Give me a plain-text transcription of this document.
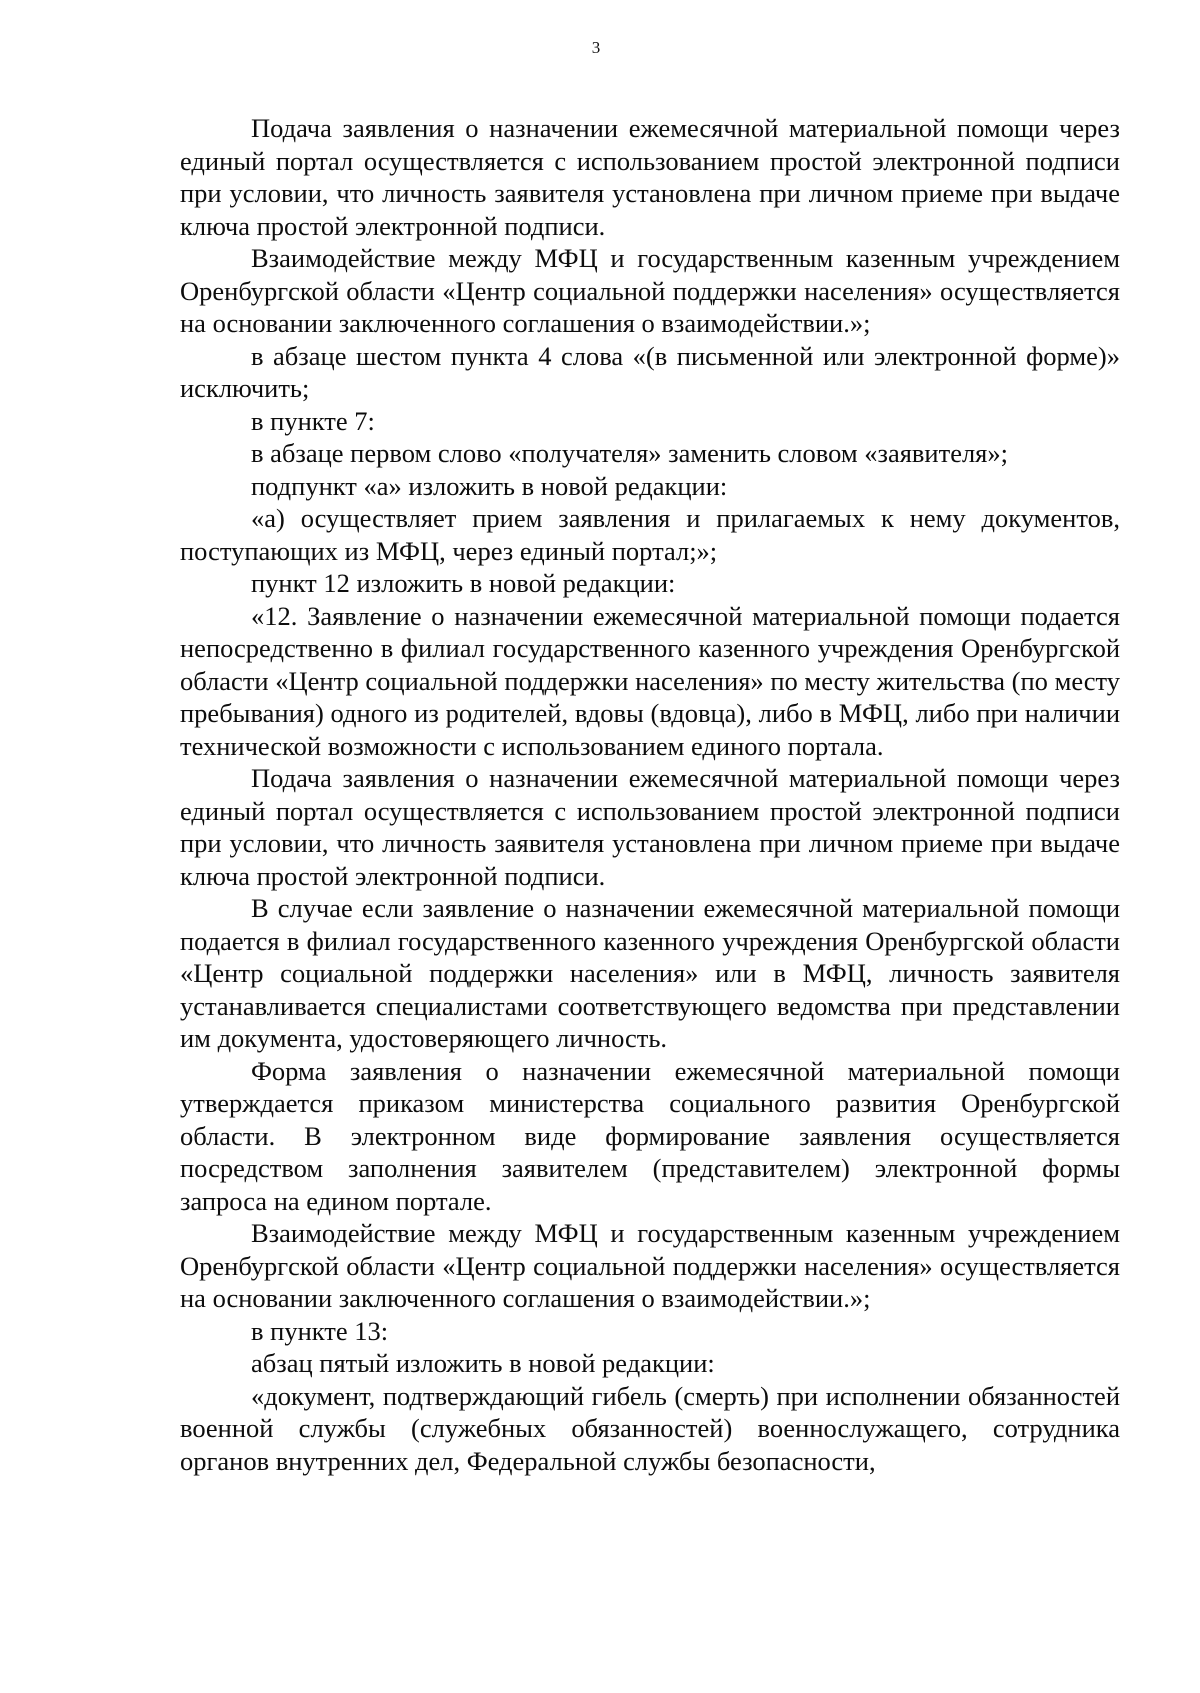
3

Подача заявления о назначении ежемесячной материальной помощи через единый портал осуществляется с использованием простой электронной подписи при условии, что личность заявителя установлена при личном приеме при выдаче ключа простой электронной подписи.

Взаимодействие между МФЦ и государственным казенным учреждением Оренбургской области «Центр социальной поддержки населения» осуществляется на основании заключенного соглашения о взаимодействии.»;

в абзаце шестом пункта 4 слова «(в письменной или электронной форме)» исключить;

в пункте 7:

в абзаце первом слово «получателя» заменить словом «заявителя»;

подпункт «а» изложить в новой редакции:

«а) осуществляет прием заявления и прилагаемых к нему документов, поступающих из МФЦ, через единый портал;»;

пункт 12 изложить в новой редакции:

«12. Заявление о назначении ежемесячной материальной помощи подается непосредственно в филиал государственного казенного учреждения Оренбургской области «Центр социальной поддержки населения» по месту жительства (по месту пребывания) одного из родителей, вдовы (вдовца), либо в МФЦ, либо при наличии технической возможности с использованием единого портала.

Подача заявления о назначении ежемесячной материальной помощи через единый портал осуществляется с использованием простой электронной подписи при условии, что личность заявителя установлена при личном приеме при выдаче ключа простой электронной подписи.

В случае если заявление о назначении ежемесячной материальной помощи подается в филиал государственного казенного учреждения Оренбургской области «Центр социальной поддержки населения» или в МФЦ, личность заявителя устанавливается специалистами соответствующего ведомства при представлении им документа, удостоверяющего личность.

Форма заявления о назначении ежемесячной материальной помощи утверждается приказом министерства социального развития Оренбургской области. В электронном виде формирование заявления осуществляется посредством заполнения заявителем (представителем) электронной формы запроса на едином портале.

Взаимодействие между МФЦ и государственным казенным учреждением Оренбургской области «Центр социальной поддержки населения» осуществляется на основании заключенного соглашения о взаимодействии.»;

в пункте 13:

абзац пятый изложить в новой редакции:

«документ, подтверждающий гибель (смерть) при исполнении обязанностей военной службы (служебных обязанностей) военнослужащего, сотрудника органов внутренних дел, Федеральной службы безопасности,
